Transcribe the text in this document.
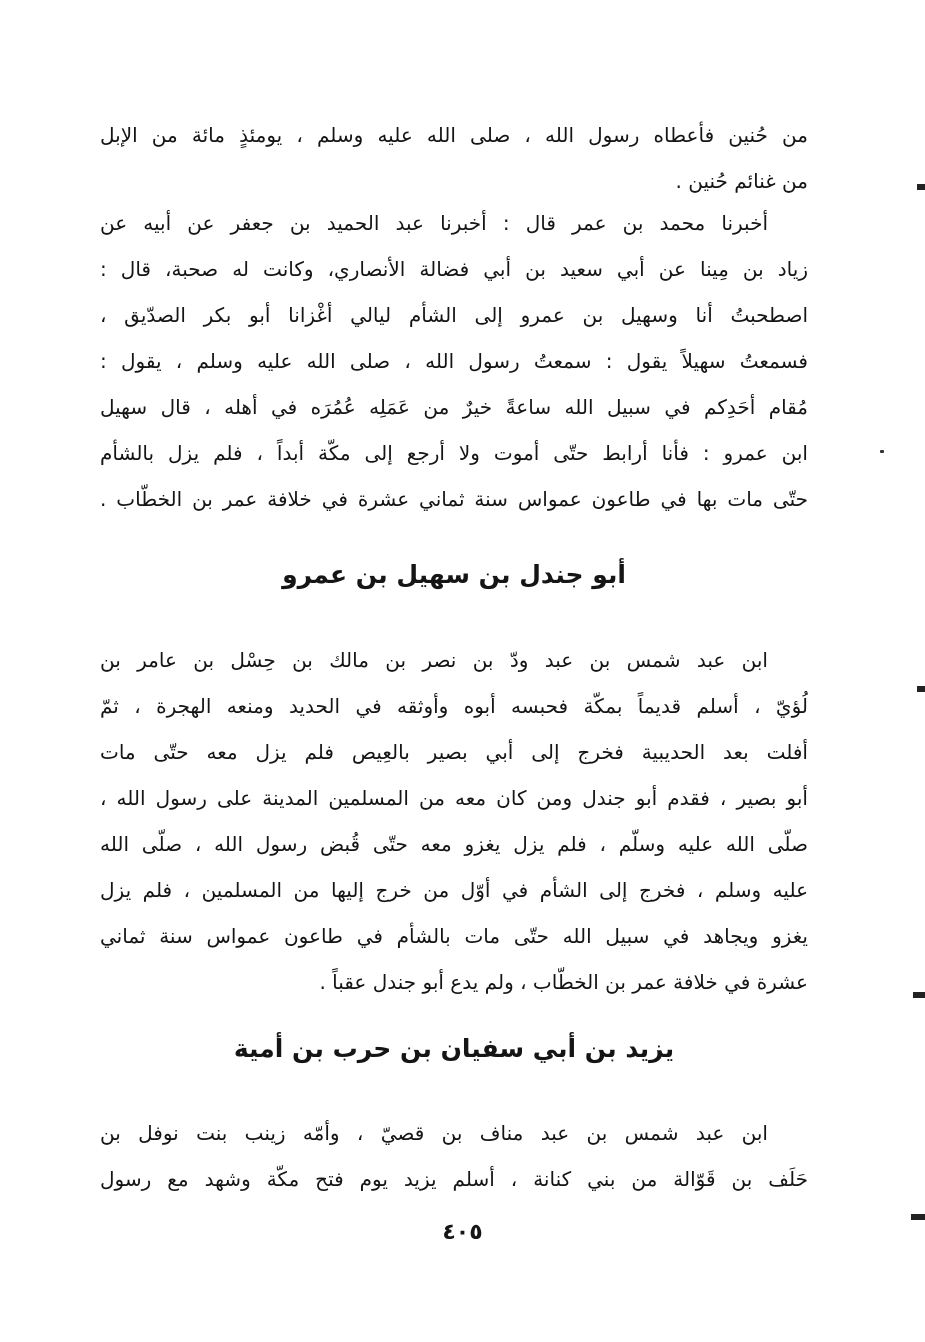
من حُنين فأعطاه رسول الله ، صلى الله عليه وسلم ، يومئذٍ مائة من الإبل
من غنائم حُنين .
أخبرنا محمد بن عمر قال : أخبرنا عبد الحميد بن جعفر عن أبيه عن
زياد بن مِينا عن أبي سعيد بن أبي فضالة الأنصاري، وكانت له صحبة، قال :
اصطحبتُ أنا وسهيل بن عمرو إلى الشأم ليالي أغْزانا أبو بكر الصدّيق ،
فسمعتُ سهيلاً يقول : سمعتُ رسول الله ، صلى الله عليه وسلم ، يقول :
مُقام أحَدِكم في سبيل الله ساعةً خيرٌ من عَمَلِه عُمُرَه في أهله ، قال سهيل
ابن عمرو : فأنا أرابط حتّى أموت ولا أرجع إلى مكّة أبداً ، فلم يزل بالشأم
حتّى مات بها في طاعون عمواس سنة ثماني عشرة في خلافة عمر بن الخطّاب .
أبو جندل بن سهيل بن عمرو
ابن عبد شمس بن عبد ودّ بن نصر بن مالك بن حِسْل بن عامر بن
لُؤيّ ، أسلم قديماً بمكّة فحبسه أبوه وأوثقه في الحديد ومنعه الهجرة ، ثمّ
أفلت بعد الحديبية فخرج إلى أبي بصير بالعِيص فلم يزل معه حتّى مات
أبو بصير ، فقدم أبو جندل ومن كان معه من المسلمين المدينة على رسول الله ،
صلّى الله عليه وسلّم ، فلم يزل يغزو معه حتّى قُبض رسول الله ، صلّى الله
عليه وسلم ، فخرج إلى الشأم في أوّل من خرج إليها من المسلمين ، فلم يزل
يغزو ويجاهد في سبيل الله حتّى مات بالشأم في طاعون عمواس سنة ثماني
عشرة في خلافة عمر بن الخطّاب ، ولم يدع أبو جندل عقباً .
يزيد بن أبي سفيان بن حرب بن أمية
ابن عبد شمس بن عبد مناف بن قصيّ ، وأمّه زينب بنت نوفل بن
حَلَف بن قَوّالة من بني كنانة ، أسلم يزيد يوم فتح مكّة وشهد مع رسول
٤٠٥
